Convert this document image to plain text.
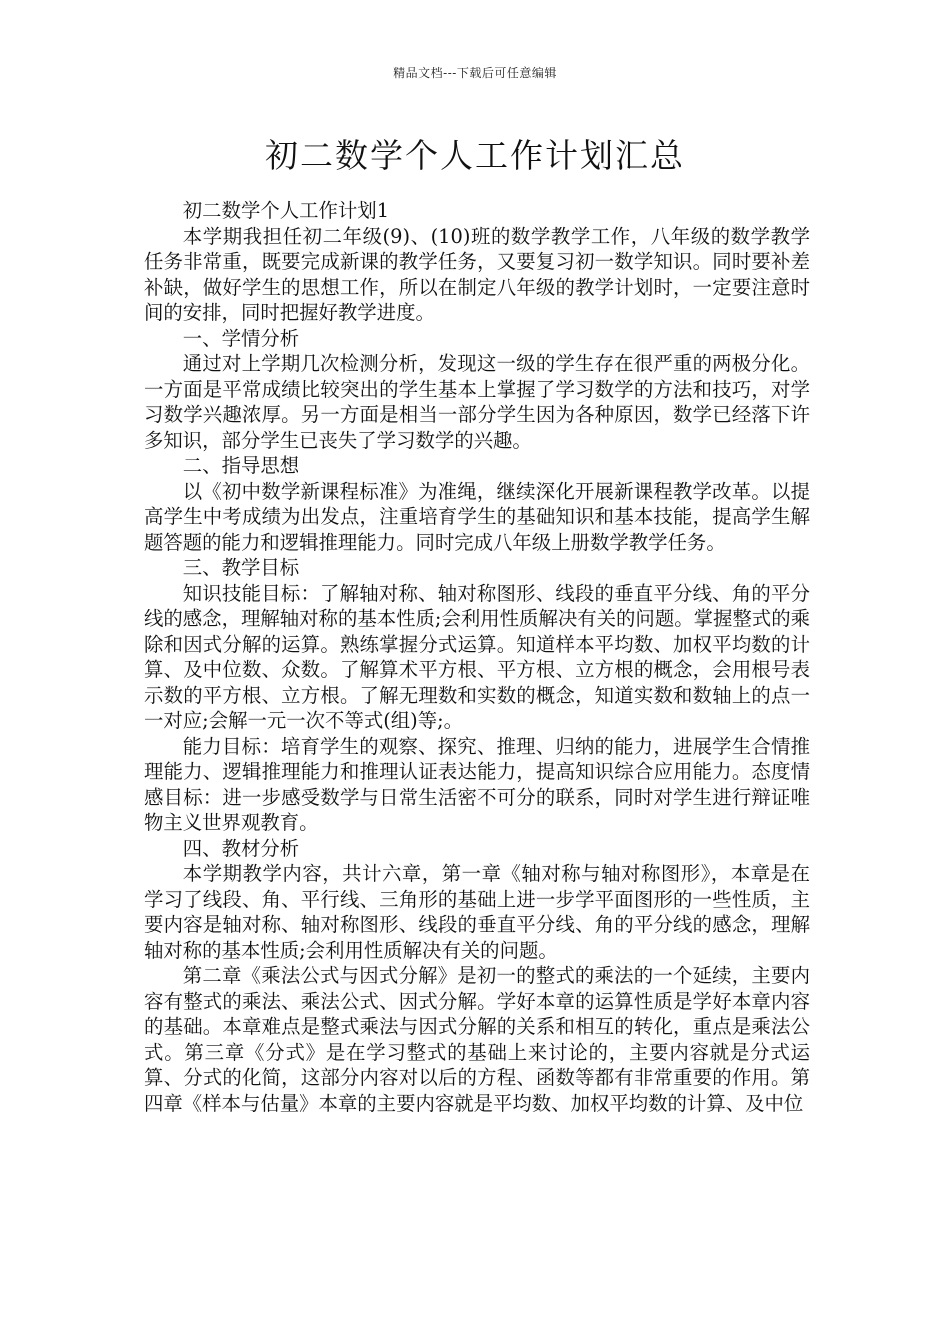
精品文档---下载后可任意编辑
初二数学个人工作计划汇总

初二数学个人工作计划1

本学期我担任初二年级(9)、(10)班的数学教学工作，八年级的数学教学任务非常重，既要完成新课的教学任务，又要复习初一数学知识。同时要补差补缺，做好学生的思想工作，所以在制定八年级的教学计划时，一定要注意时间的安排，同时把握好教学进度。

一、学情分析

通过对上学期几次检测分析，发现这一级的学生存在很严重的两极分化。一方面是平常成绩比较突出的学生基本上掌握了学习数学的方法和技巧，对学习数学兴趣浓厚。另一方面是相当一部分学生因为各种原因，数学已经落下许多知识，部分学生已丧失了学习数学的兴趣。

二、指导思想

以《初中数学新课程标准》为准绳，继续深化开展新课程教学改革。以提高学生中考成绩为出发点，注重培育学生的基础知识和基本技能，提高学生解题答题的能力和逻辑推理能力。同时完成八年级上册数学教学任务。

三、教学目标

知识技能目标：了解轴对称、轴对称图形、线段的垂直平分线、角的平分线的感念，理解轴对称的基本性质;会利用性质解决有关的问题。掌握整式的乘除和因式分解的运算。熟练掌握分式运算。知道样本平均数、加权平均数的计算、及中位数、众数。了解算术平方根、平方根、立方根的概念，会用根号表示数的平方根、立方根。了解无理数和实数的概念，知道实数和数轴上的点一一对应;会解一元一次不等式(组)等;。

能力目标：培育学生的观察、探究、推理、归纳的能力，进展学生合情推理能力、逻辑推理能力和推理认证表达能力，提高知识综合应用能力。态度情感目标：进一步感受数学与日常生活密不可分的联系，同时对学生进行辩证唯物主义世界观教育。

四、教材分析

本学期教学内容，共计六章，第一章《轴对称与轴对称图形》，本章是在学习了线段、角、平行线、三角形的基础上进一步学平面图形的一些性质，主要内容是轴对称、轴对称图形、线段的垂直平分线、角的平分线的感念，理解轴对称的基本性质;会利用性质解决有关的问题。

第二章《乘法公式与因式分解》是初一的整式的乘法的一个延续，主要内容有整式的乘法、乘法公式、因式分解。学好本章的运算性质是学好本章内容的基础。本章难点是整式乘法与因式分解的关系和相互的转化，重点是乘法公式。第三章《分式》是在学习整式的基础上来讨论的，主要内容就是分式运算、分式的化简，这部分内容对以后的方程、函数等都有非常重要的作用。第四章《样本与估量》本章的主要内容就是平均数、加权平均数的计算、及中位
